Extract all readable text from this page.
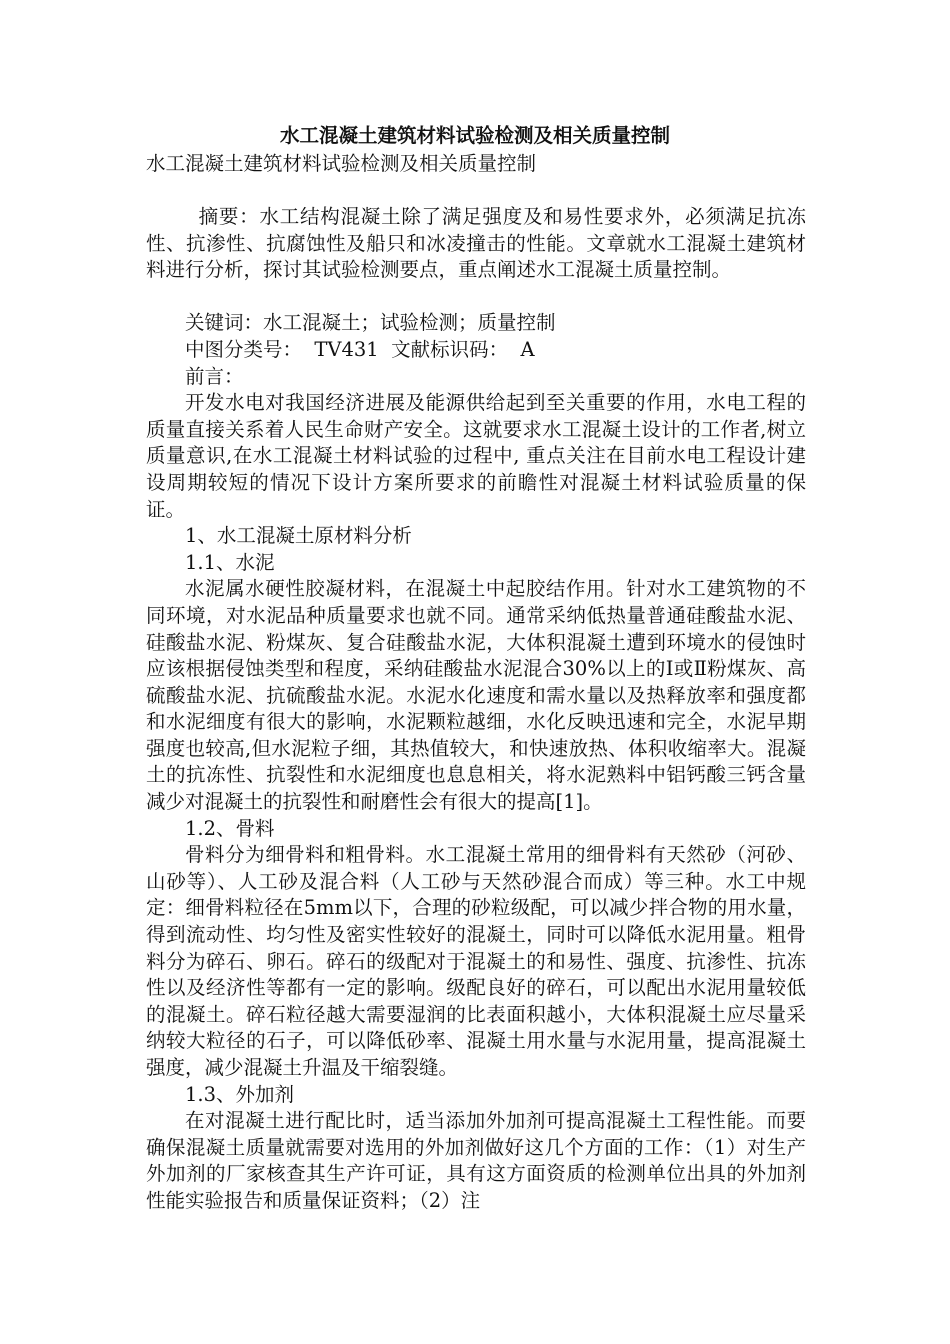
水工混凝土建筑材料试验检测及相关质量控制

水工混凝土建筑材料试验检测及相关质量控制

摘要：水工结构混凝土除了满足强度及和易性要求外，必须满足抗冻性、抗渗性、抗腐蚀性及船只和冰凌撞击的性能。文章就水工混凝土建筑材料进行分析，探讨其试验检测要点，重点阐述水工混凝土质量控制。

关键词：水工混凝土；试验检测；质量控制

中图分类号：  TV431  文献标识码：  A

前言：

开发水电对我国经济进展及能源供给起到至关重要的作用，水电工程的质量直接关系着人民生命财产安全。这就要求水工混凝土设计的工作者,树立质量意识,在水工混凝土材料试验的过程中, 重点关注在目前水电工程设计建设周期较短的情况下设计方案所要求的前瞻性对混凝土材料试验质量的保证。

1、水工混凝土原材料分析

1.1、水泥

水泥属水硬性胶凝材料，在混凝土中起胶结作用。针对水工建筑物的不同环境，对水泥品种质量要求也就不同。通常采纳低热量普通硅酸盐水泥、硅酸盐水泥、粉煤灰、复合硅酸盐水泥，大体积混凝土遭到环境水的侵蚀时应该根据侵蚀类型和程度，采纳硅酸盐水泥混合30%以上的Ⅰ或Ⅱ粉煤灰、高硫酸盐水泥、抗硫酸盐水泥。水泥水化速度和需水量以及热释放率和强度都和水泥细度有很大的影响，水泥颗粒越细，水化反映迅速和完全，水泥早期强度也较高,但水泥粒子细，其热值较大，和快速放热、体积收缩率大。混凝土的抗冻性、抗裂性和水泥细度也息息相关，将水泥熟料中铝钙酸三钙含量减少对混凝土的抗裂性和耐磨性会有很大的提高[1]。

1.2、骨料

骨料分为细骨料和粗骨料。水工混凝土常用的细骨料有天然砂（河砂、山砂等）、人工砂及混合料（人工砂与天然砂混合而成）等三种。水工中规定：细骨料粒径在5mm以下，合理的砂粒级配，可以减少拌合物的用水量，得到流动性、均匀性及密实性较好的混凝土，同时可以降低水泥用量。粗骨料分为碎石、卵石。碎石的级配对于混凝土的和易性、强度、抗渗性、抗冻性以及经济性等都有一定的影响。级配良好的碎石，可以配出水泥用量较低的混凝土。碎石粒径越大需要湿润的比表面积越小，大体积混凝土应尽量采纳较大粒径的石子，可以降低砂率、混凝土用水量与水泥用量，提高混凝土强度，减少混凝土升温及干缩裂缝。

1.3、外加剂

在对混凝土进行配比时，适当添加外加剂可提高混凝土工程性能。而要确保混凝土质量就需要对选用的外加剂做好这几个方面的工作：（1）对生产外加剂的厂家核查其生产许可证，具有这方面资质的检测单位出具的外加剂性能实验报告和质量保证资料；（2）注
